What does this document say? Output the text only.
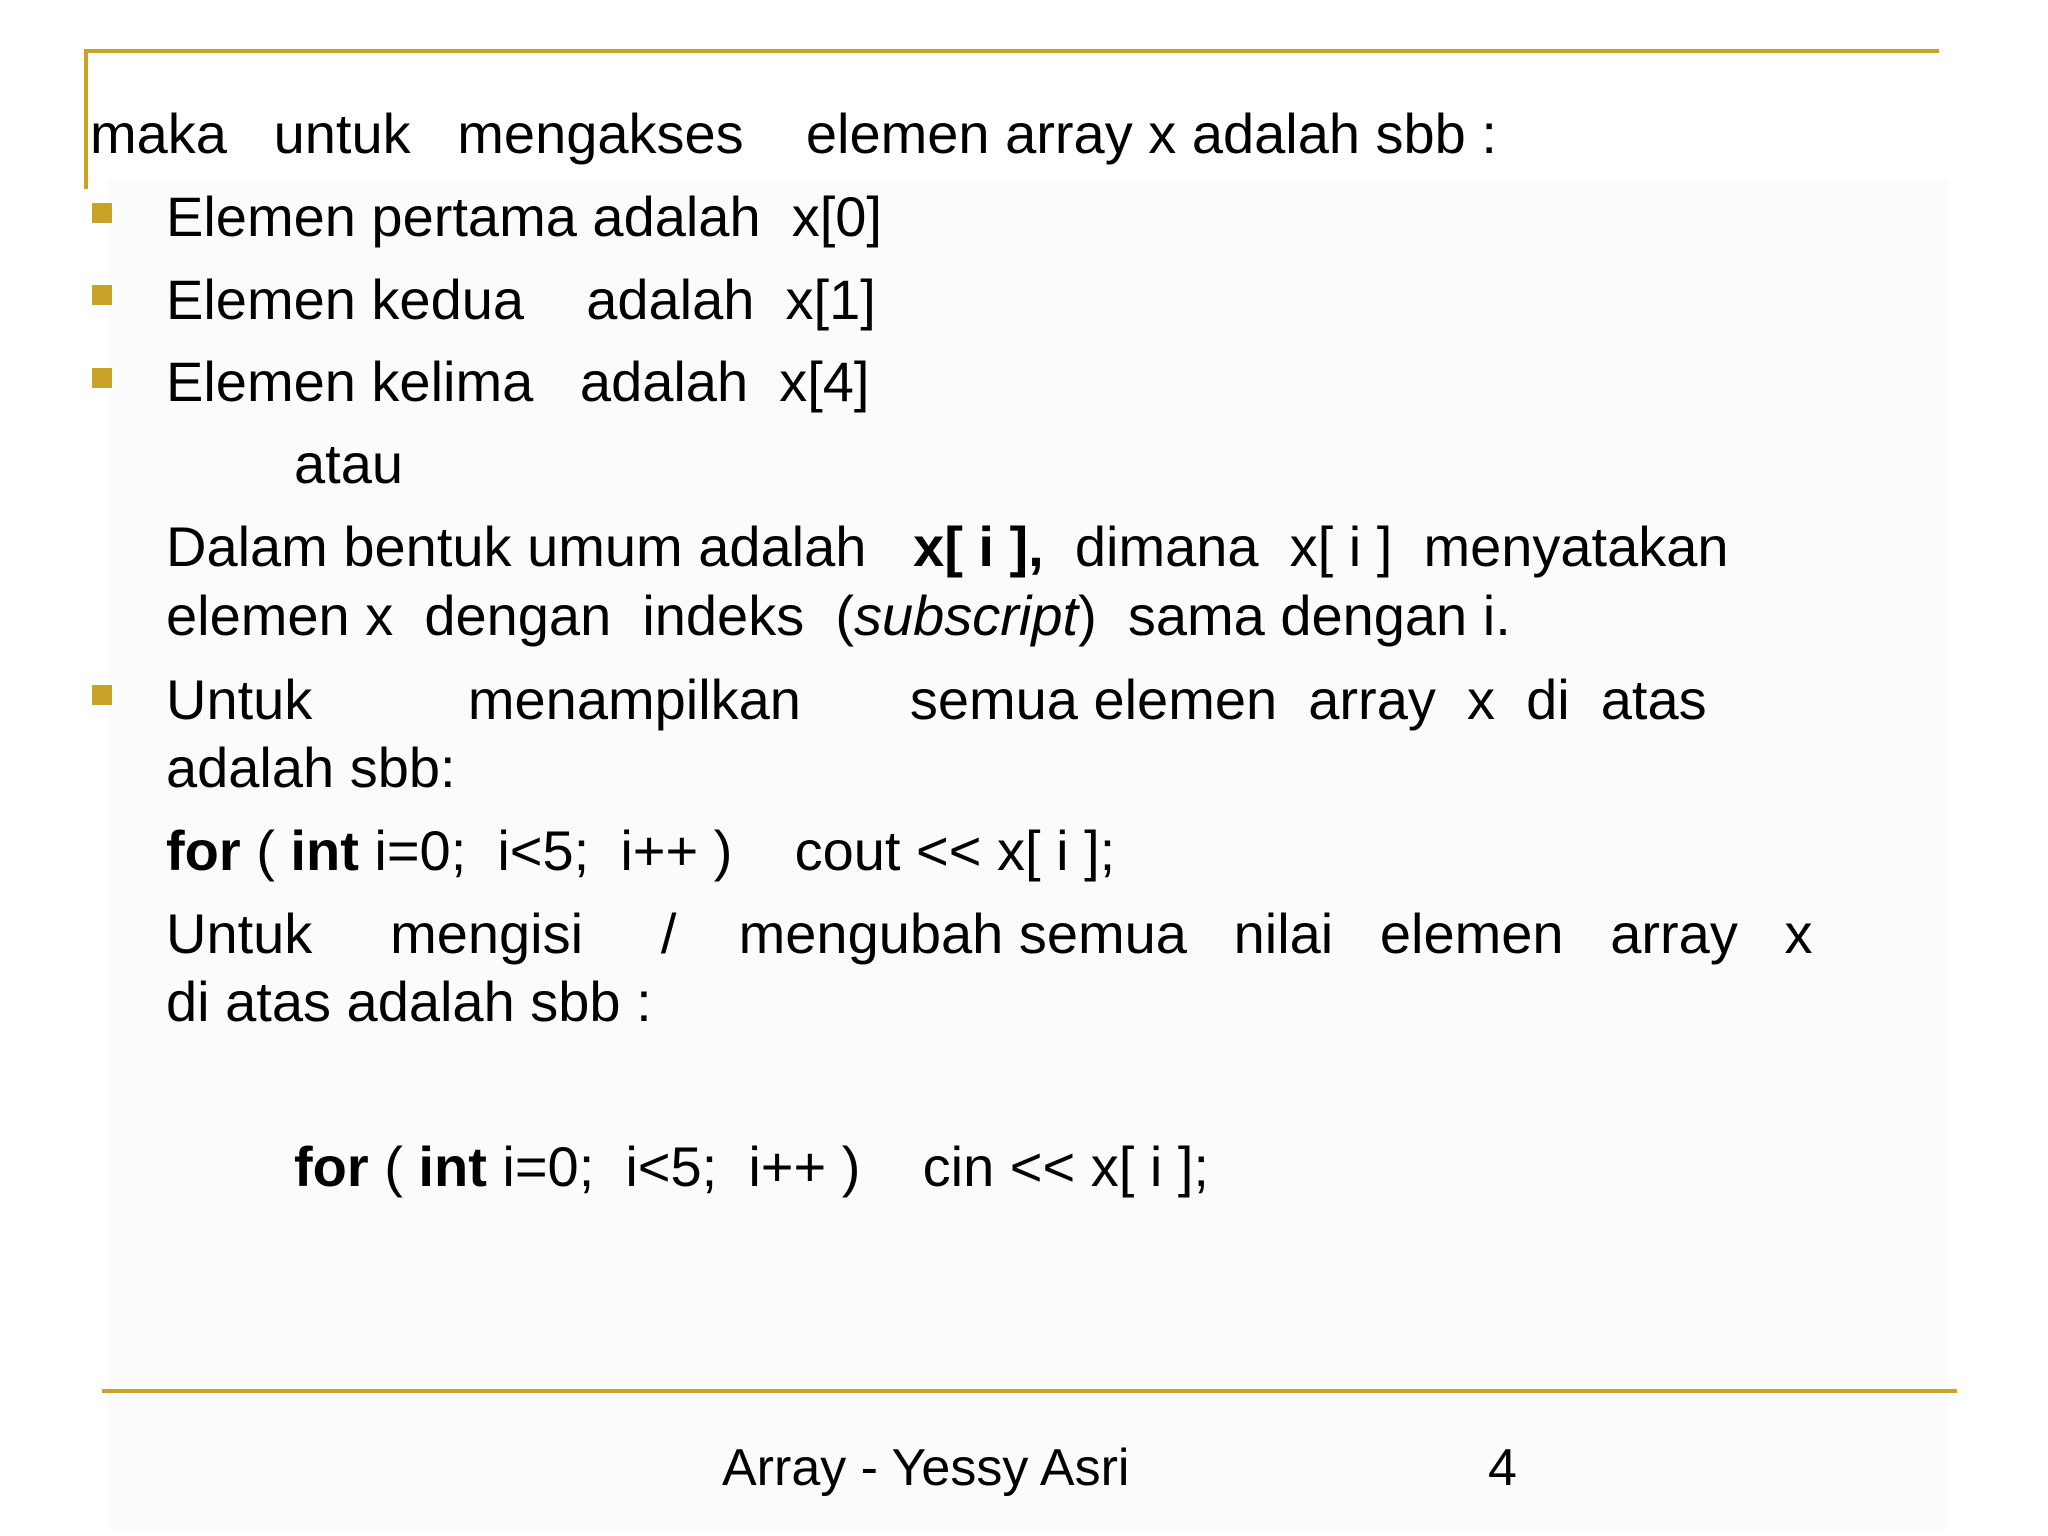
maka   untuk   mengakses    elemen array x adalah sbb :
Elemen pertama adalah  x[0]
Elemen kedua    adalah  x[1]
Elemen kelima   adalah  x[4]
atau
Dalam bentuk umum adalah   x[ i ],  dimana  x[ i ]  menyatakan
elemen x  dengan  indeks  (subscript)  sama dengan i.
Untuk          menampilkan       semua elemen  array  x  di  atas
adalah sbb:
for ( int i=0;  i<5;  i++ )    cout << x[ i ];
Untuk     mengisi     /    mengubah semua   nilai   elemen   array   x
di atas adalah sbb :
for ( int i=0;  i<5;  i++ )    cin << x[ i ];
Array - Yessy Asri	4
